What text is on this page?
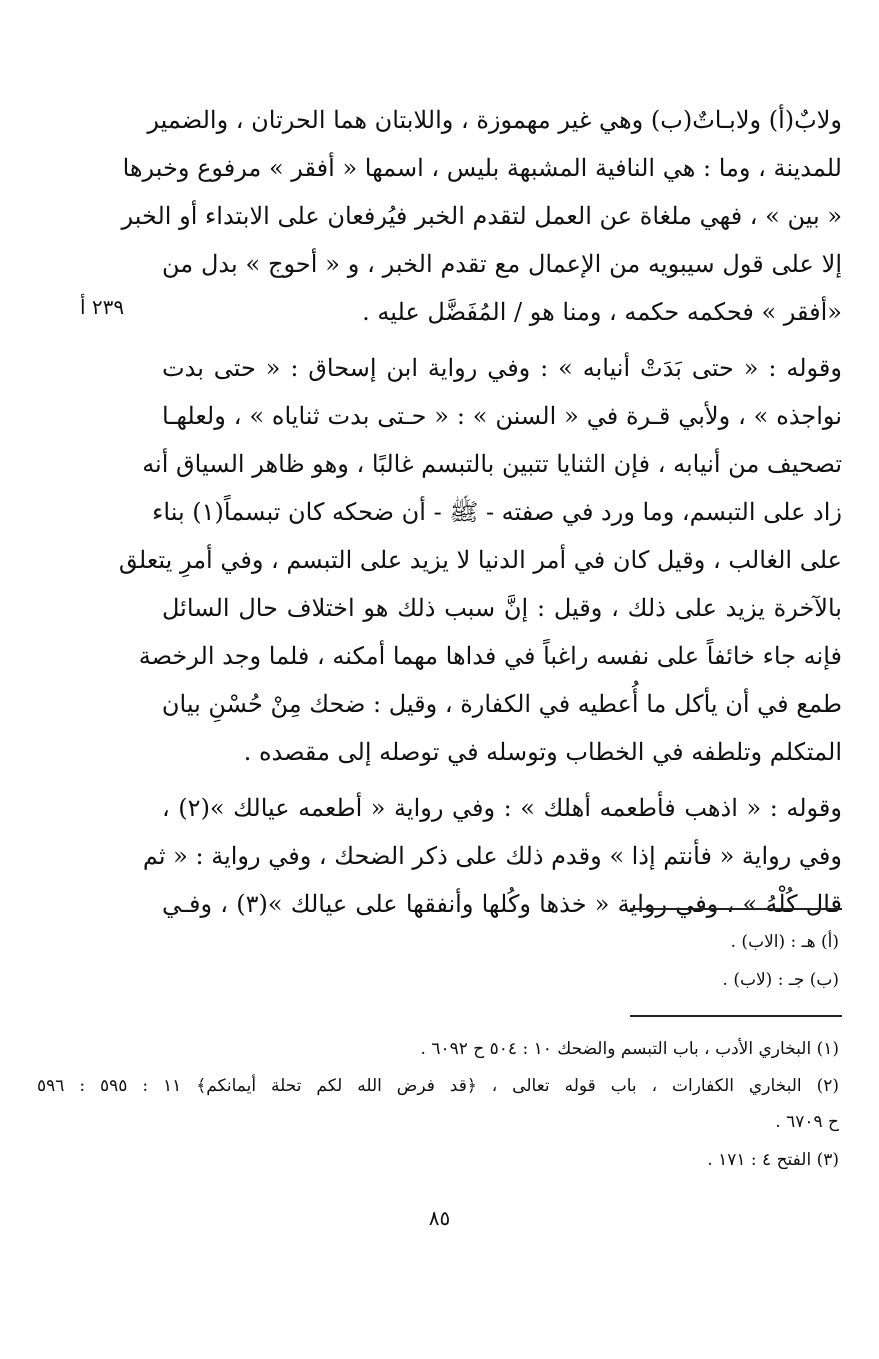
ولابٌ(أ) ولابـاتٌ(ب) وهي غير مهموزة ، واللابتان هما الحرتان ، والضمير
للمدينة ، وما : هي النافية المشبهة بليس ، اسمها « أفقر » مرفوع وخبرها
« بين » ، فهي ملغاة عن العمل لتقدم الخبر فيُرفعان على الابتداء أو الخبر
إلا على قول سيبويه من الإعمال مع تقدم الخبر ، و « أحوج » بدل من
«أفقر » فحكمه حكمه ، ومنا هو / المُفَضَّل عليه .
وقوله : « حتى بَدَتْ أنيابه » : وفي رواية ابن إسحاق : « حتى بدت
نواجذه » ، ولأبي قـرة في « السنن » : « حـتى بدت ثناياه » ، ولعلهـا
تصحيف من أنيابه ، فإن الثنايا تتبين بالتبسم غالبًا ، وهو ظاهر السياق أنه
زاد على التبسم، وما ورد في صفته - ﷺ - أن ضحكه كان تبسماً(١) بناء
على الغالب ، وقيل كان في أمر الدنيا لا يزيد على التبسم ، وفي أمرِ يتعلق
بالآخرة يزيد على ذلك ، وقيل : إنَّ سبب ذلك هو اختلاف حال السائل
فإنه جاء خائفاً على نفسه راغباً في فداها مهما أمكنه ، فلما وجد الرخصة
طمع في أن يأكل ما أُعطيه في الكفارة ، وقيل : ضحك مِنْ حُسْنِ بيان
المتكلم وتلطفه في الخطاب وتوسله في توصله إلى مقصده .
وقوله : « اذهب فأطعمه أهلك » : وفي رواية « أطعمه عيالك »(٢) ،
وفي رواية « فأنتم إذا » وقدم ذلك على ذكر الضحك ، وفي رواية : « ثم
قال كُلْهُ » ، وفي رواية « خذها وكُلها وأنفقها على عيالك »(٣) ، وفـي
٢٣٩ أ
(أ) هـ : (الاب) .
(ب) جـ : (لاب) .
(١) البخاري الأدب ، باب التبسم والضحك ١٠ : ٥٠٤ ح ٦٠٩٢ .
(٢) البخاري الكفارات ، باب قوله تعالى ، ﴿قد فرض الله لكم تحلة أيمانكم﴾ ١١ : ٥٩٥ : ٥٩٦
ح ٦٧٠٩ .
(٣) الفتح ٤ : ١٧١ .
٨٥
